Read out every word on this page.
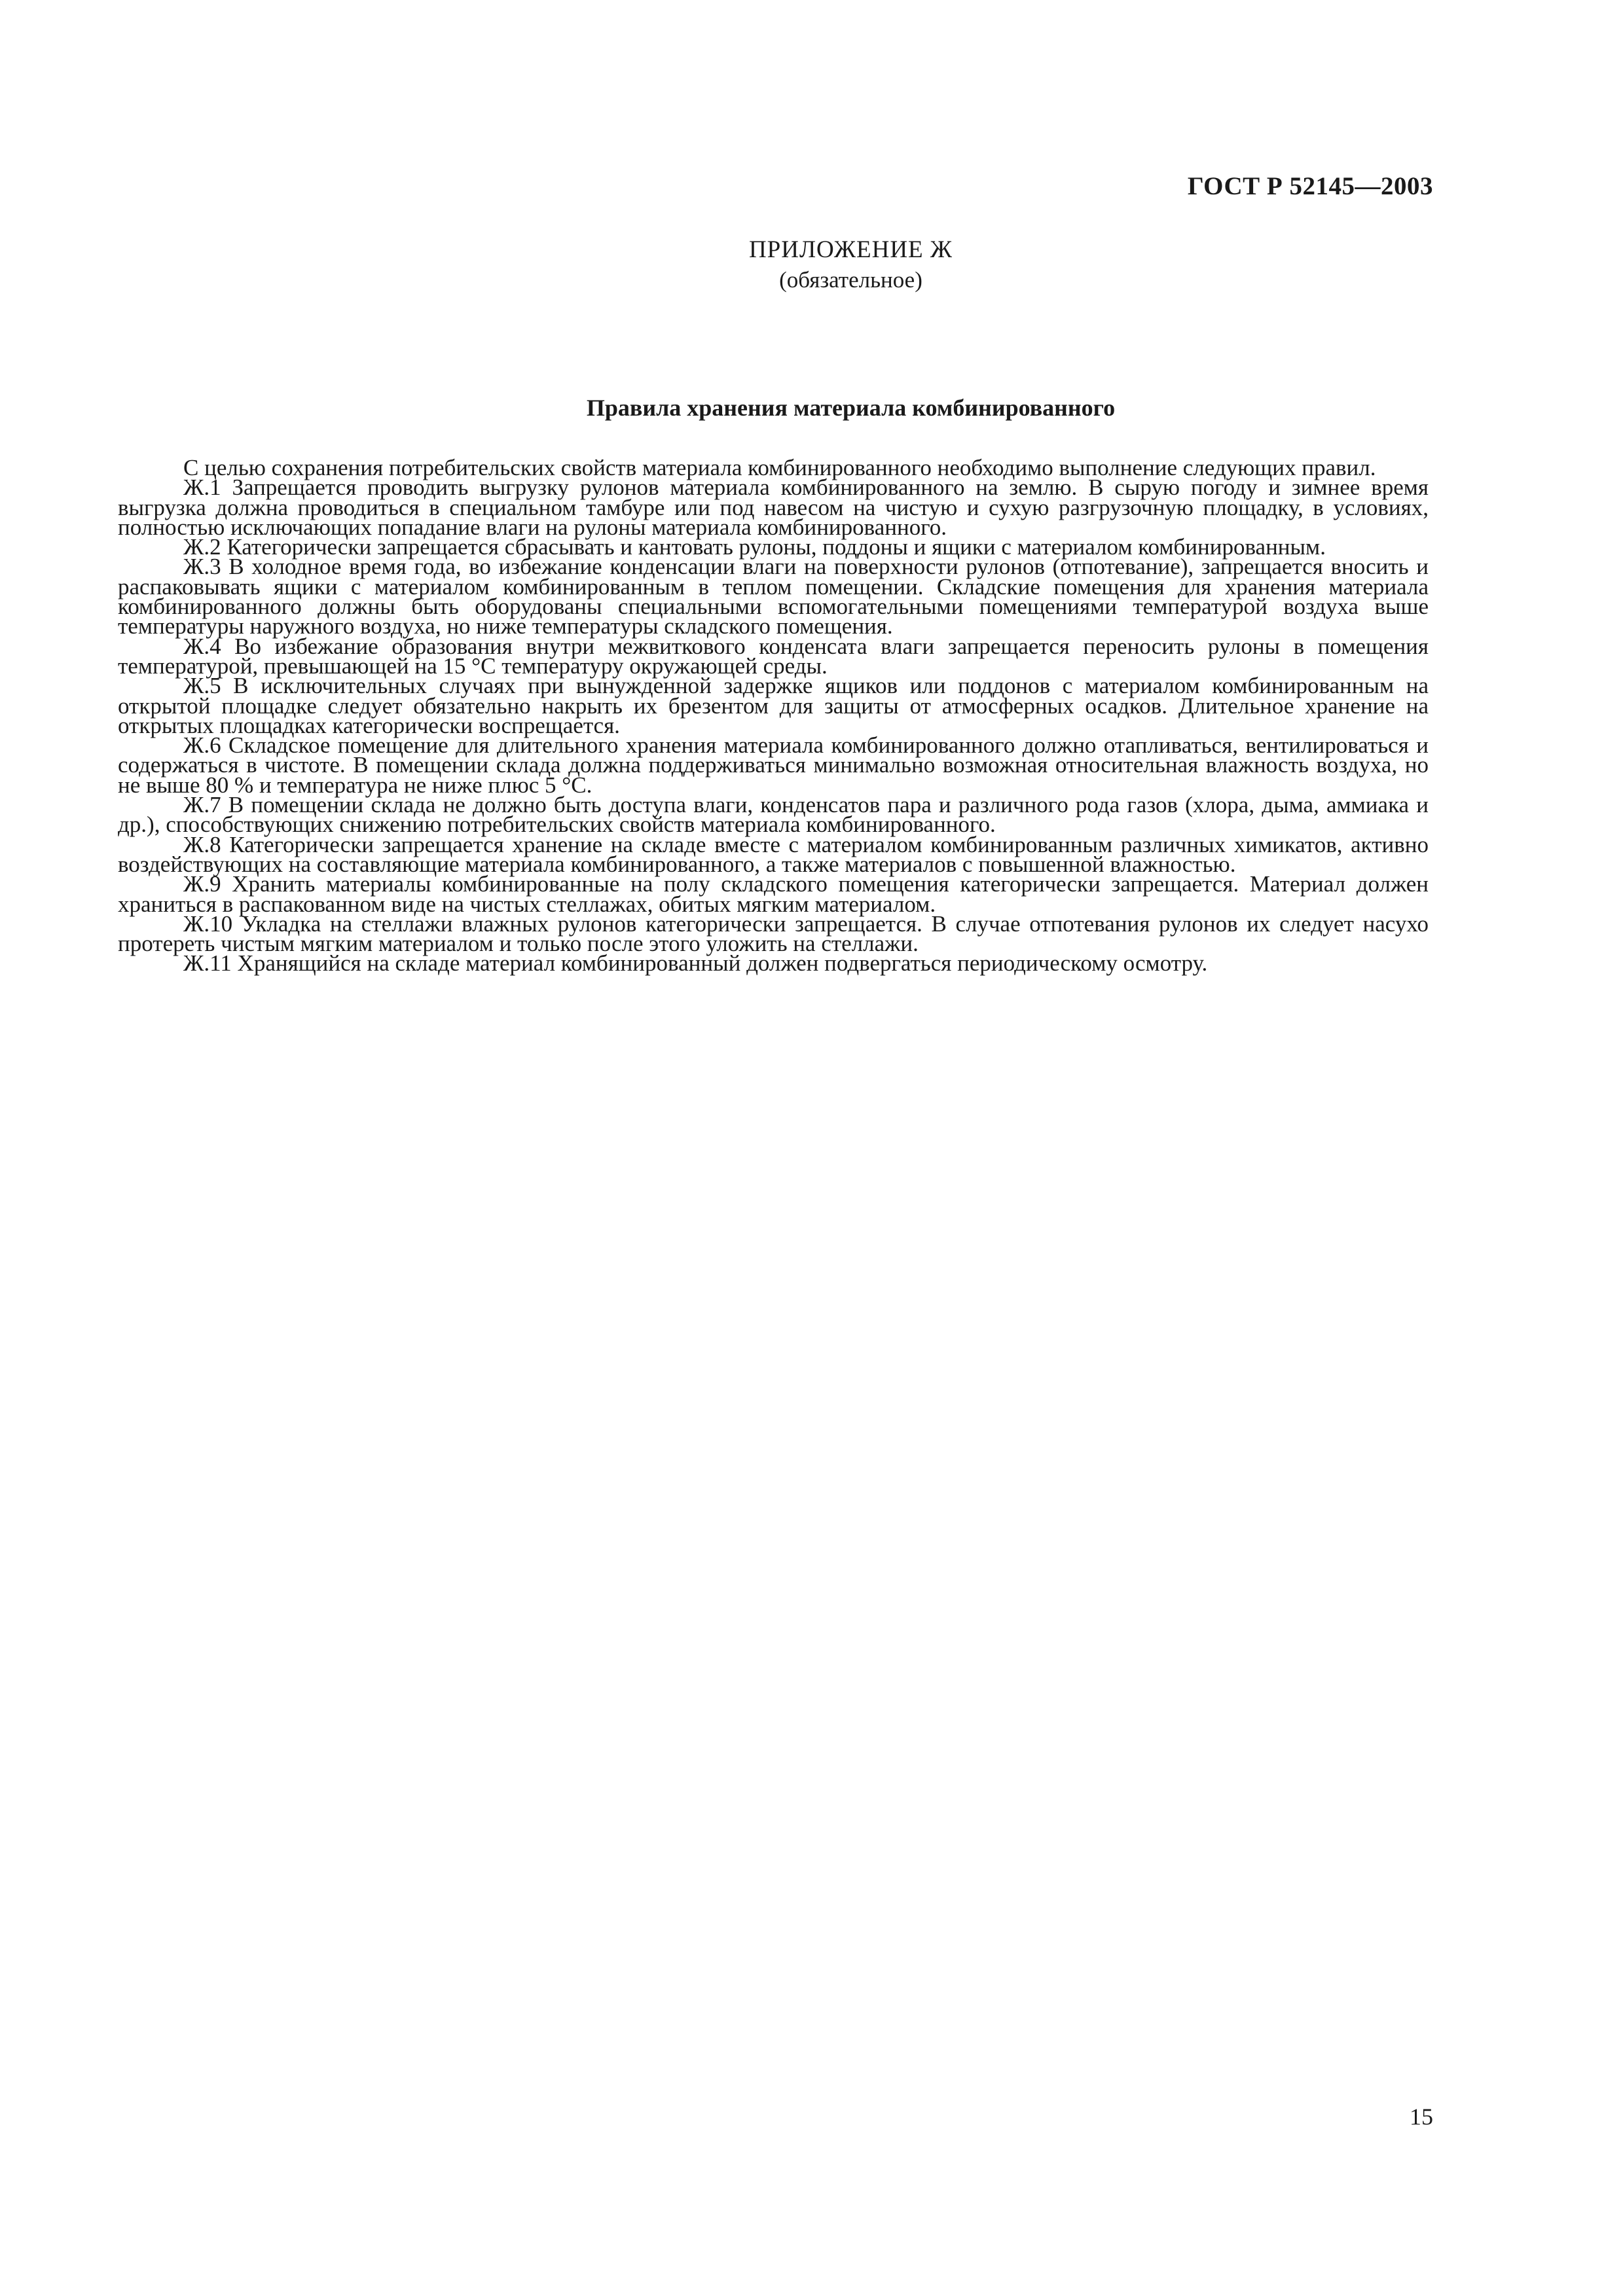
ГОСТ Р 52145—2003
ПРИЛОЖЕНИЕ Ж
(обязательное)
Правила хранения материала комбинированного

С целью сохранения потребительских свойств материала комбинированного необходимо выполнение следующих правил.

Ж.1 Запрещается проводить выгрузку рулонов материала комбинированного на землю. В сырую погоду и зимнее время выгрузка должна проводиться в специальном тамбуре или под навесом на чистую и сухую разгрузочную площадку, в условиях, полностью исключающих попадание влаги на рулоны материала комбинированного.

Ж.2 Категорически запрещается сбрасывать и кантовать рулоны, поддоны и ящики с материалом комбинированным.

Ж.3 В холодное время года, во избежание конденсации влаги на поверхности рулонов (отпотевание), запрещается вносить и распаковывать ящики с материалом комбинированным в теплом помещении. Складские помещения для хранения материала комбинированного должны быть оборудованы специальными вспомогательными помещениями температурой воздуха выше температуры наружного воздуха, но ниже температуры складского помещения.

Ж.4 Во избежание образования внутри межвиткового конденсата влаги запрещается переносить рулоны в помещения температурой, превышающей на 15 °С температуру окружающей среды.

Ж.5 В исключительных случаях при вынужденной задержке ящиков или поддонов с материалом комбинированным на открытой площадке следует обязательно накрыть их брезентом для защиты от атмосферных осадков. Длительное хранение на открытых площадках категорически воспрещается.

Ж.6 Складское помещение для длительного хранения материала комбинированного должно отапливаться, вентилироваться и содержаться в чистоте. В помещении склада должна поддерживаться минимально возможная относительная влажность воздуха, но не выше 80 % и температура не ниже плюс 5 °С.

Ж.7 В помещении склада не должно быть доступа влаги, конденсатов пара и различного рода газов (хлора, дыма, аммиака и др.), способствующих снижению потребительских свойств материала комбинированного.

Ж.8 Категорически запрещается хранение на складе вместе с материалом комбинированным различных химикатов, активно воздействующих на составляющие материала комбинированного, а также материалов с повышенной влажностью.

Ж.9 Хранить материалы комбинированные на полу складского помещения категорически запрещается. Материал должен храниться в распакованном виде на чистых стеллажах, обитых мягким материалом.

Ж.10 Укладка на стеллажи влажных рулонов категорически запрещается. В случае отпотевания рулонов их следует насухо протереть чистым мягким материалом и только после этого уложить на стеллажи.

Ж.11 Хранящийся на складе материал комбинированный должен подвергаться периодическому осмотру.

15
